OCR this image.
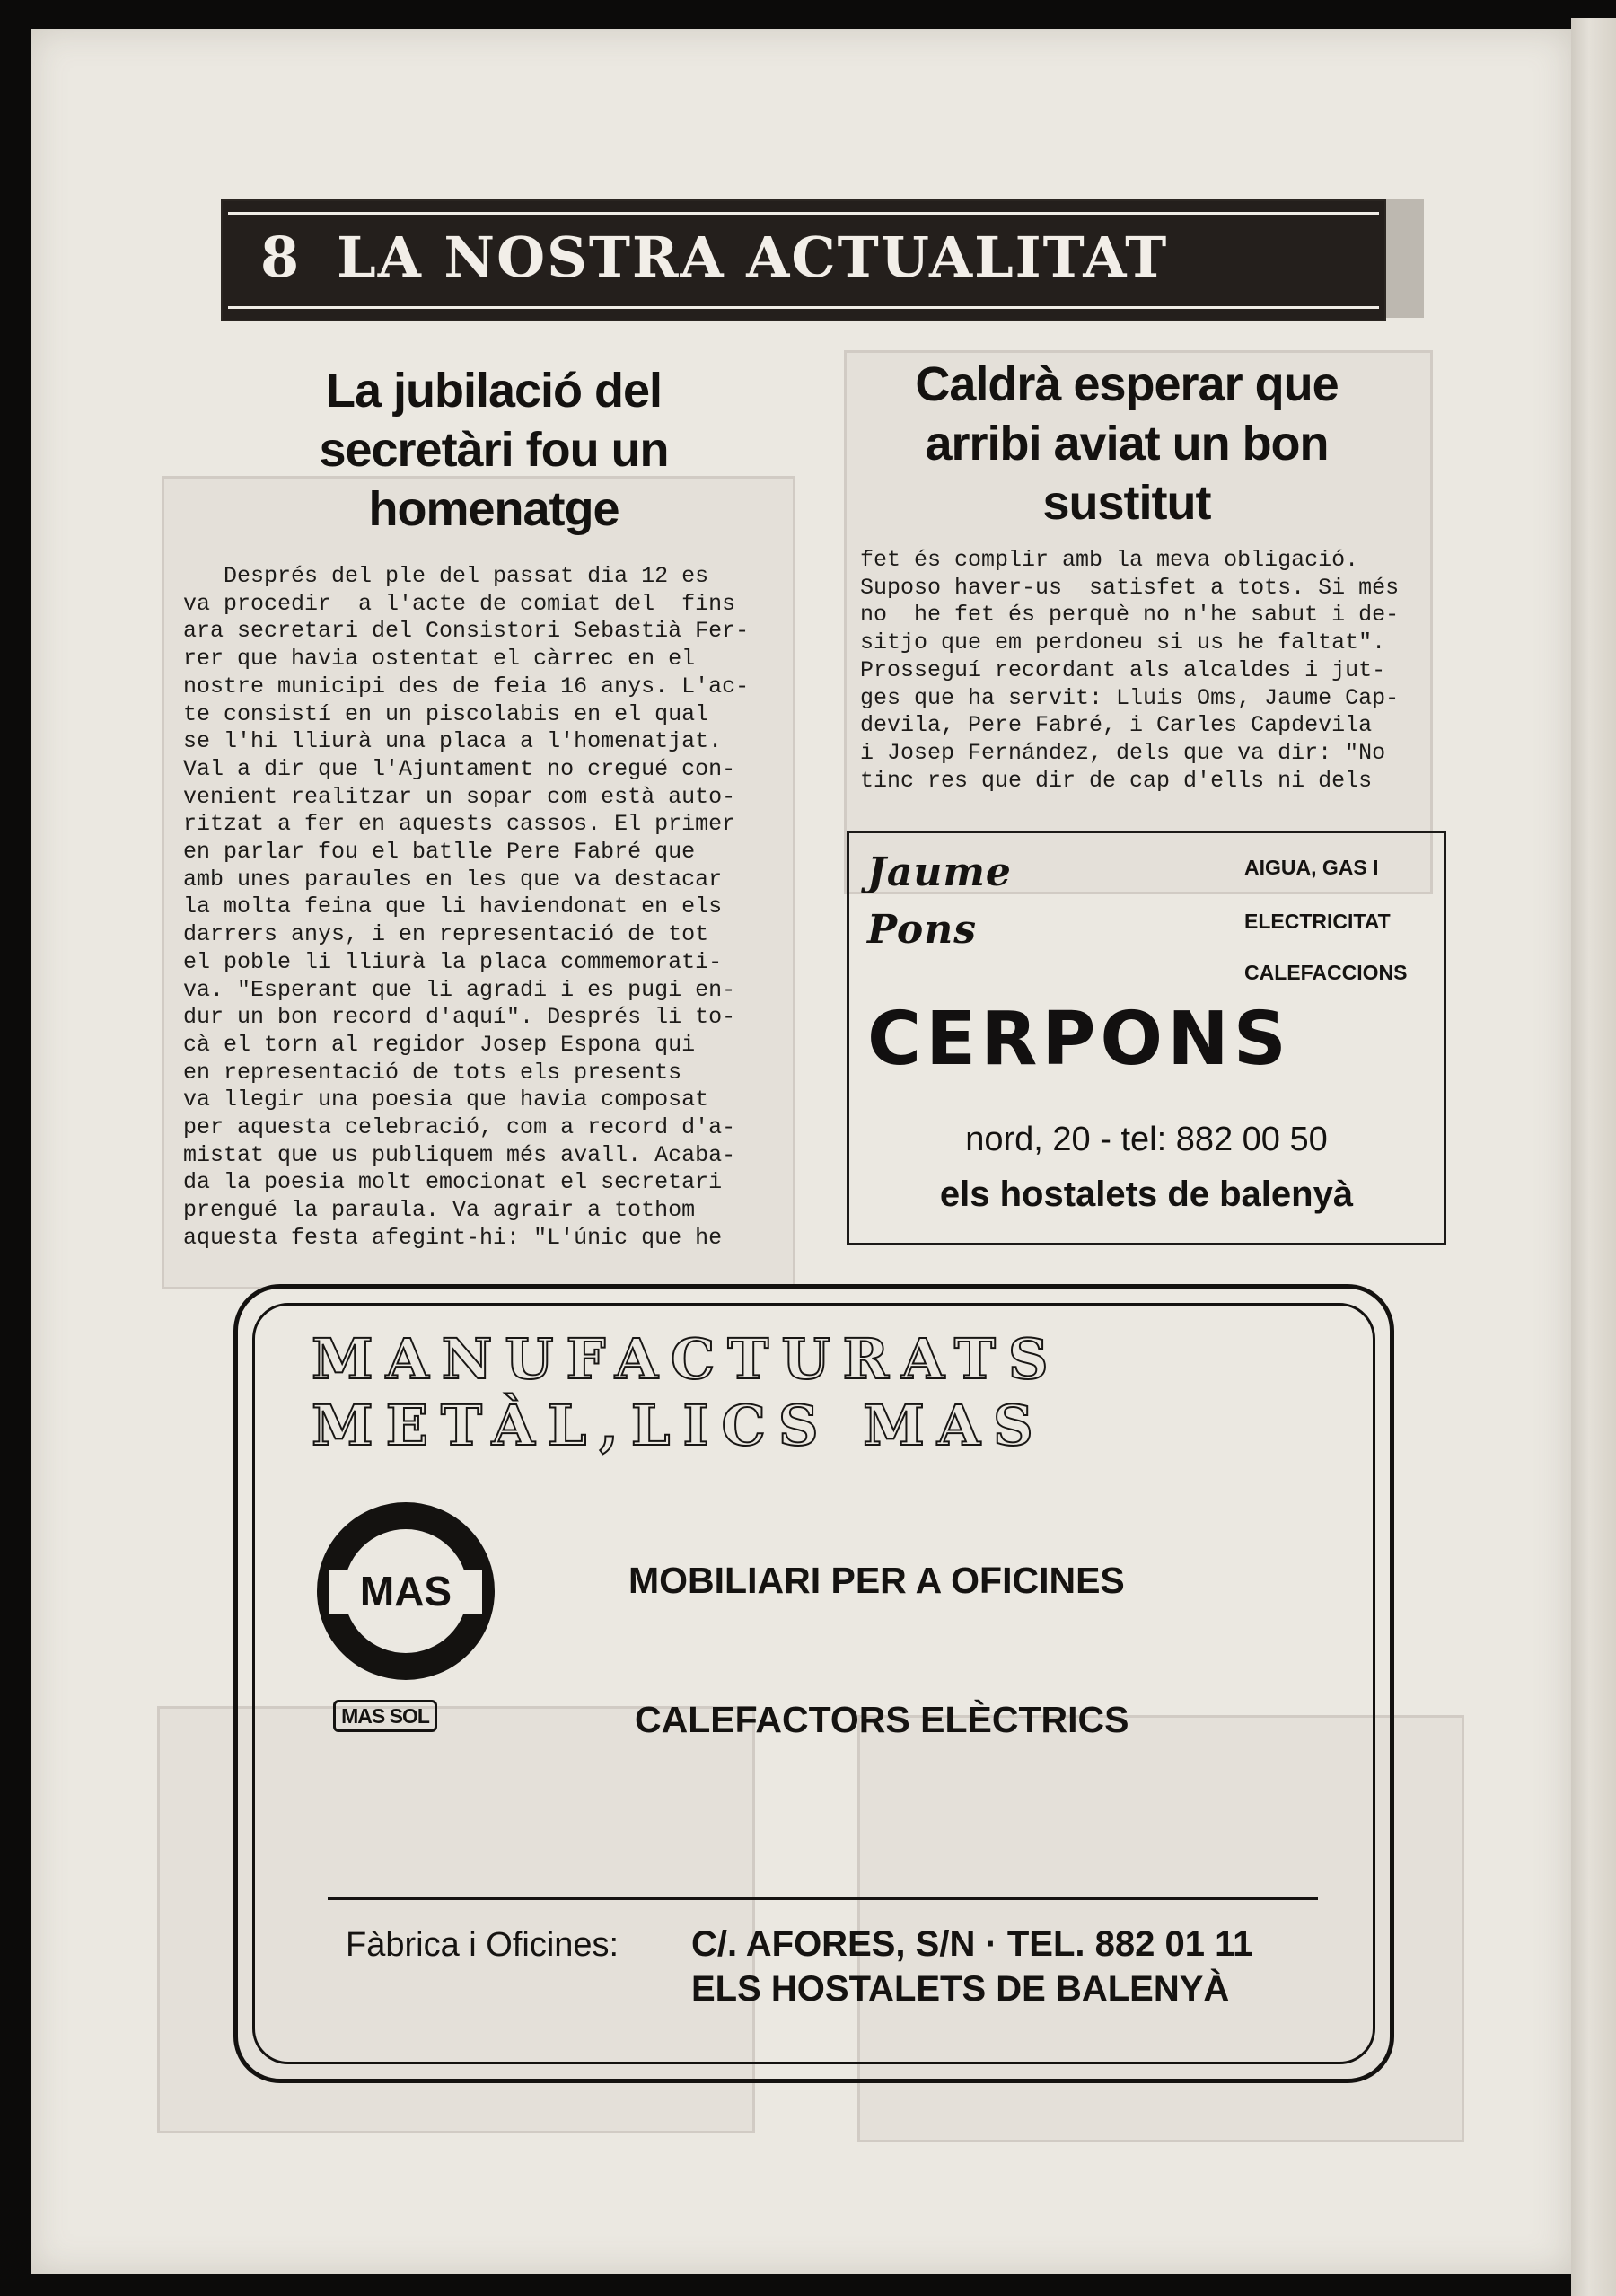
8 LA NOSTRA ACTUALITAT
La jubilació del
secretàri fou un
homenatge
Després del ple del passat dia 12 es
va procedir  a l'acte de comiat del  fins
ara secretari del Consistori Sebastià Fer-
rer que havia ostentat el càrrec en el
nostre municipi des de feia 16 anys. L'ac-
te consistí en un piscolabis en el qual
se l'hi lliurà una placa a l'homenatjat.
Val a dir que l'Ajuntament no cregué con-
venient realitzar un sopar com està auto-
ritzat a fer en aquests cassos. El primer
en parlar fou el batlle Pere Fabré que
amb unes paraules en les que va destacar
la molta feina que li haviendonat en els
darrers anys, i en representació de tot
el poble li lliurà la placa commemorati-
va. "Esperant que li agradi i es pugi en-
dur un bon record d'aquí". Després li to-
cà el torn al regidor Josep Espona qui
en representació de tots els presents
va llegir una poesia que havia composat
per aquesta celebració, com a record d'a-
mistat que us publiquem més avall. Acaba-
da la poesia molt emocionat el secretari
prengué la paraula. Va agrair a tothom
aquesta festa afegint-hi: "L'únic que he
Caldrà esperar que
arribi aviat un bon
sustitut
fet és complir amb la meva obligació.
Suposo haver-us  satisfet a tots. Si més
no  he fet és perquè no n'he sabut i de-
sitjo que em perdoneu si us he faltat".
Prosseguí recordant als alcaldes i jut-
ges que ha servit: Lluis Oms, Jaume Cap-
devila, Pere Fabré, i Carles Capdevila
i Josep Fernández, dels que va dir: "No
tinc res que dir de cap d'ells ni dels
Jaume
Pons
AIGUA, GAS I
ELECTRICITAT
CALEFACCIONS
CERPONS
nord, 20 - tel: 882 00 50
els hostalets de balenyà
MANUFACTURATS
METÀL,LICS MAS
MAS
MAS SOL
MOBILIARI PER A OFICINES
CALEFACTORS ELÈCTRICS
Fàbrica i Oficines: C/. AFORES, S/N · TEL. 882 01 11
ELS HOSTALETS DE BALENYÀ
